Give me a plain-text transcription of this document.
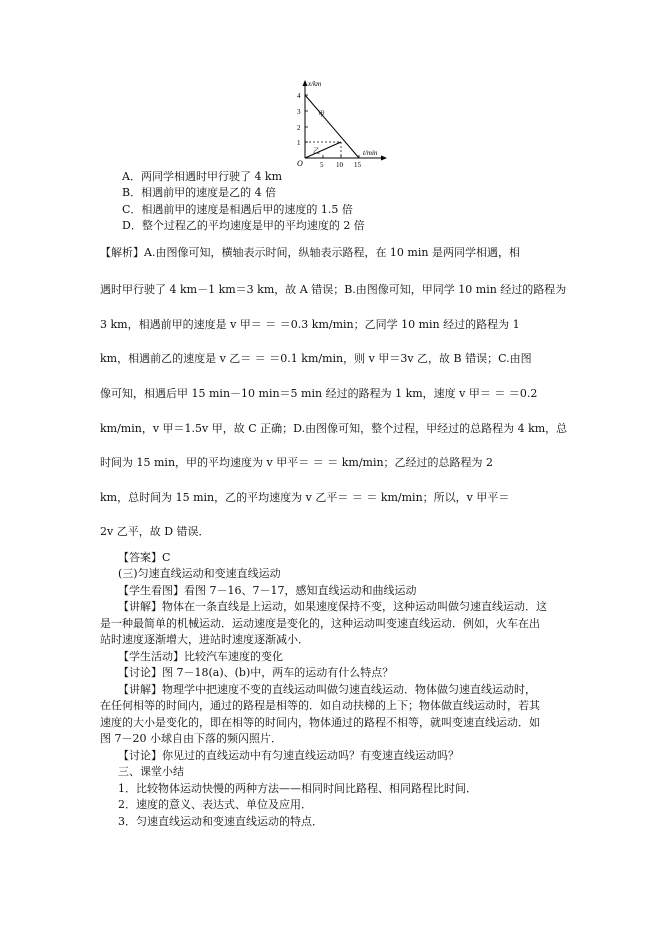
x/km
t/min
O
1
2
3
4
5 10 15
甲
乙
A．两同学相遇时甲行驶了 4 km
B．相遇前甲的速度是乙的 4 倍
C．相遇前甲的速度是相遇后甲的速度的 1.5 倍
D．整个过程乙的平均速度是甲的平均速度的 2 倍
【解析】A.由图像可知，横轴表示时间，纵轴表示路程，在 10 min 是两同学相遇，相
遇时甲行驶了 4 km－1 km＝3 km，故 A 错误；B.由图像可知，甲同学 10 min 经过的路程为
3 km，相遇前甲的速度是 v 甲＝ ＝ ＝0.3 km/min；乙同学 10 min 经过的路程为 1
km，相遇前乙的速度是 v 乙＝ ＝ ＝0.1 km/min，则 v 甲＝3v 乙，故 B 错误；C.由图
像可知，相遇后甲 15 min－10 min＝5 min 经过的路程为 1 km，速度 v 甲＝ ＝ ＝0.2
km/min，v 甲＝1.5v 甲，故 C 正确；D.由图像可知，整个过程，甲经过的总路程为 4 km，总
时间为 15 min，甲的平均速度为 v 甲平＝ ＝ ＝ km/min；乙经过的总路程为 2
km，总时间为 15 min，乙的平均速度为 v 乙平＝ ＝ ＝ km/min；所以，v 甲平＝
2v 乙平，故 D 错误．
【答案】C
(三)匀速直线运动和变速直线运动
【学生看图】看图 7－16、7－17，感知直线运动和曲线运动
【讲解】物体在一条直线是上运动，如果速度保持不变，这种运动叫做匀速直线运动．这
是一种最简单的机械运动．运动速度是变化的，这种运动叫变速直线运动．例如，火车在出
站时速度逐渐增大，进站时速度逐渐减小．
【学生活动】比较汽车速度的变化
【讨论】图 7－18(a)、(b)中，两车的运动有什么特点？
【讲解】物理学中把速度不变的直线运动叫做匀速直线运动．物体做匀速直线运动时，
在任何相等的时间内，通过的路程是相等的．如自动扶梯的上下；物体做直线运动时，若其
速度的大小是变化的，即在相等的时间内，物体通过的路程不相等，就叫变速直线运动．如
图 7－20 小球自由下落的频闪照片．
【讨论】你见过的直线运动中有匀速直线运动吗？有变速直线运动吗？
三、课堂小结
1．比较物体运动快慢的两种方法——相同时间比路程、相同路程比时间．
2．速度的意义、表达式、单位及应用．
3．匀速直线运动和变速直线运动的特点．
